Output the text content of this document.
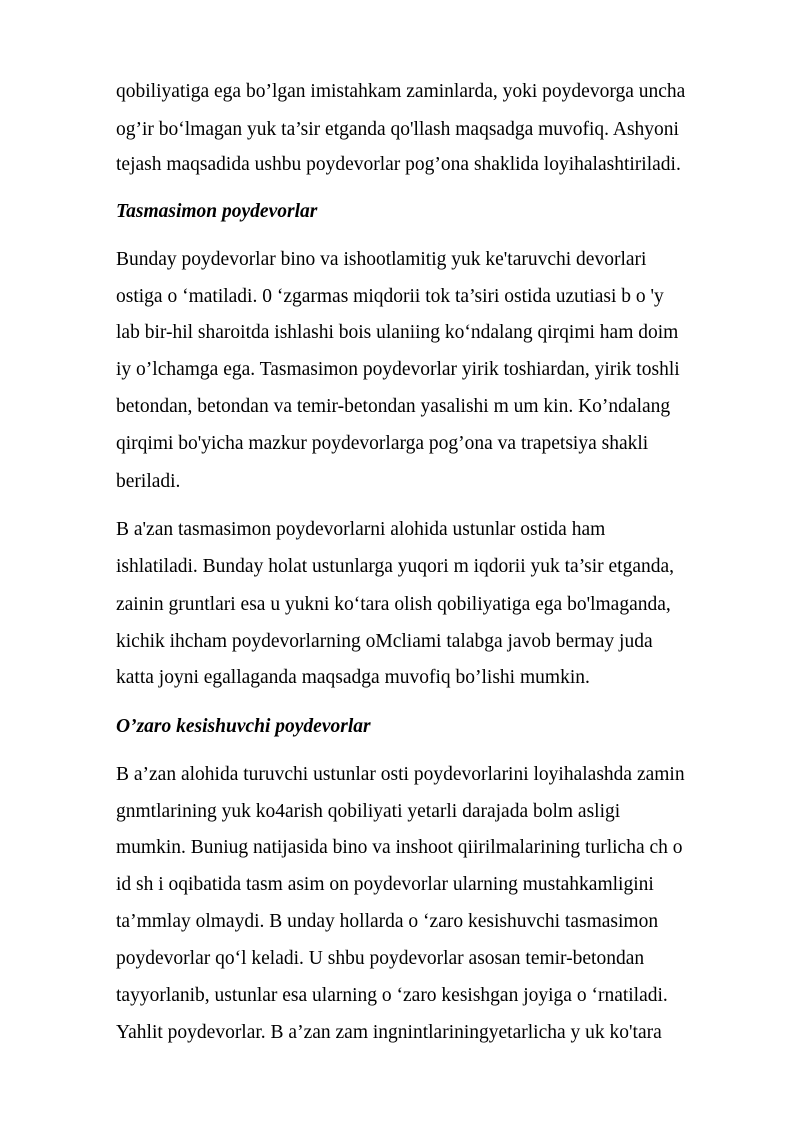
qobiliyatiga ega bo’lgan imistahkam zaminlarda, yoki poydevorga uncha
og’ir bo‘lmagan yuk ta’sir etganda qo'llash maqsadga muvofiq. Ashyoni
tejash maqsadida ushbu poydevorlar pog’ona shaklida loyihalashtiriladi.
Tasmasimon poydevorlar
Bunday poydevorlar bino va ishootlamitig yuk ke'taruvchi devorlari
ostiga o ‘matiladi. 0 ‘zgarmas miqdorii tok ta’siri ostida uzutiasi b o 'y
lab bir-hil sharoitda ishlashi bois ulaniing ko‘ndalang qirqimi ham doim
iy o’lchamga ega. Tasmasimon poydevorlar yirik toshiardan, yirik toshli
betondan, betondan va temir-betondan yasalishi m um kin. Ko’ndalang
qirqimi bo'yicha mazkur poydevorlarga pog’ona va trapetsiya shakli
beriladi.
B a'zan tasmasimon poydevorlarni alohida ustunlar ostida ham
ishlatiladi. Bunday holat ustunlarga yuqori m iqdorii yuk ta’sir etganda,
zainin gruntlari esa u yukni ko‘tara olish qobiliyatiga ega bo'lmaganda,
kichik ihcham poydevorlarning oMcliami talabga javob bermay juda
katta joyni egallaganda maqsadga muvofiq bo’lishi mumkin.
O’zaro kesishuvchi poydevorlar
B a’zan alohida turuvchi ustunlar osti poydevorlarini loyihalashda zamin
gnmtlarining yuk ko4arish qobiliyati yetarli darajada bolm asligi
mumkin. Buniug natijasida bino va inshoot qiirilmalarining turlicha ch o
id sh i oqibatida tasm asim on poydevorlar ularning mustahkamligini
ta’mmlay olmaydi. B unday hollarda o ‘zaro kesishuvchi tasmasimon
poydevorlar qo‘l keladi. U shbu poydevorlar asosan temir-betondan
tayyorlanib, ustunlar esa ularning o ‘zaro kesishgan joyiga o ‘rnatiladi.
Yahlit poydevorlar. B a’zan zam ingnintlariningyetarlicha y uk ko'tara
